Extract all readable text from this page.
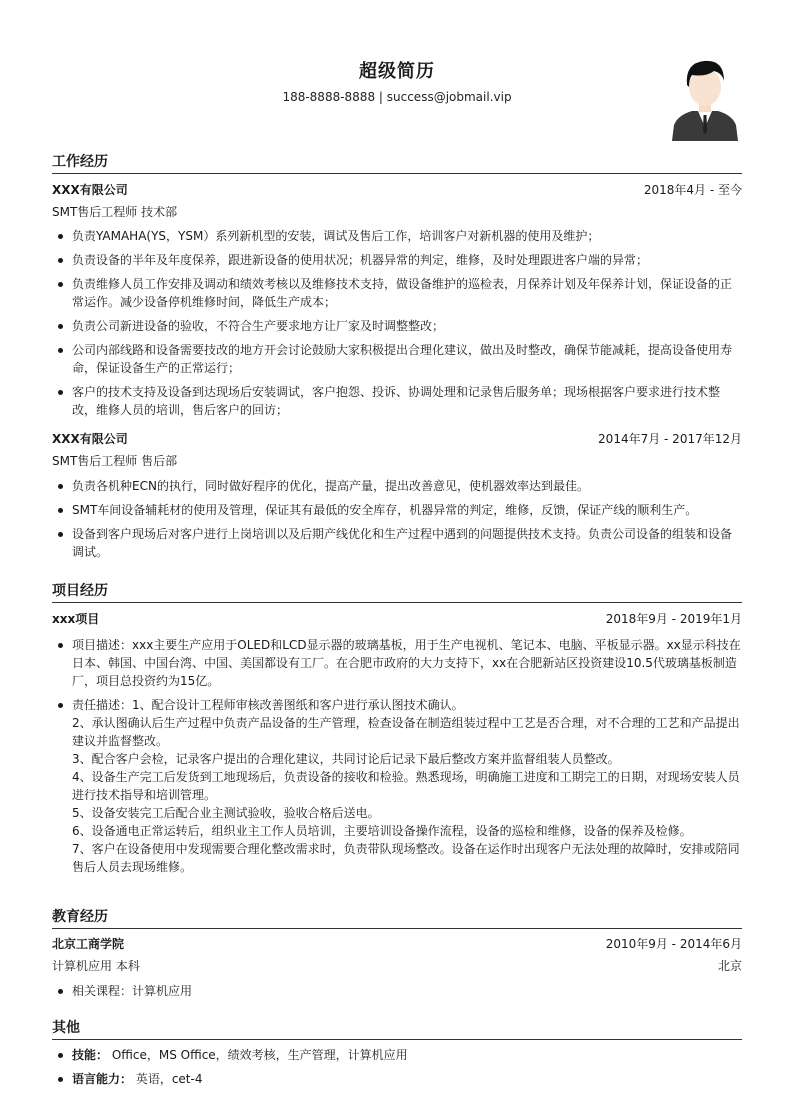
超级简历
188-8888-8888 | success@jobmail.vip
工作经历
XXX有限公司	2018年4月 - 至今
SMT售后工程师 技术部
负责YAMAHA(YS，YSM）系列新机型的安装，调试及售后工作，培训客户对新机器的使用及维护；
负责设备的半年及年度保养，跟进新设备的使用状况；机器异常的判定，维修，及时处理跟进客户端的异常；
负责维修人员工作安排及调动和绩效考核以及维修技术支持，做设备维护的巡检表，月保养计划及年保养计划，保证设备的正常运作。减少设备停机维修时间，降低生产成本；
负责公司新进设备的验收，不符合生产要求地方让厂家及时调整整改；
公司内部线路和设备需要技改的地方开会讨论鼓励大家积极提出合理化建议，做出及时整改，确保节能减耗，提高设备使用寿命，保证设备生产的正常运行；
客户的技术支持及设备到达现场后安装调试，客户抱怨、投诉、协调处理和记录售后服务单；现场根据客户要求进行技术整改，维修人员的培训，售后客户的回访；
XXX有限公司	2014年7月 - 2017年12月
SMT售后工程师 售后部
负责各机种ECN的执行，同时做好程序的优化，提高产量，提出改善意见，使机器效率达到最佳。
SMT车间设备辅耗材的使用及管理，保证其有最低的安全库存，机器异常的判定，维修，反馈，保证产线的顺利生产。
设备到客户现场后对客户进行上岗培训以及后期产线优化和生产过程中遇到的问题提供技术支持。负责公司设备的组装和设备调试。
项目经历
xxx项目	2018年9月 - 2019年1月
项目描述：xxx主要生产应用于OLED和LCD显示器的玻璃基板，用于生产电视机、笔记本、电脑、平板显示器。xx显示科技在日本、韩国、中国台湾、中国、美国都设有工厂。在合肥市政府的大力支持下，xx在合肥新站区投资建设10.5代玻璃基板制造厂，项目总投资约为15亿。
责任描述：1、配合设计工程师审核改善图纸和客户进行承认图技术确认。
2、承认图确认后生产过程中负责产品设备的生产管理，检查设备在制造组装过程中工艺是否合理，对不合理的工艺和产品提出建议并监督整改。
3、配合客户会检，记录客户提出的合理化建议，共同讨论后记录下最后整改方案并监督组装人员整改。
4、设备生产完工后发货到工地现场后，负责设备的接收和检验。熟悉现场，明确施工进度和工期完工的日期，对现场安装人员进行技术指导和培训管理。
5、设备安装完工后配合业主测试验收，验收合格后送电。
6、设备通电正常运转后，组织业主工作人员培训，主要培训设备操作流程，设备的巡检和维修，设备的保养及检修。
7、客户在设备使用中发现需要合理化整改需求时，负责带队现场整改。设备在运作时出现客户无法处理的故障时，安排或陪同售后人员去现场维修。
教育经历
北京工商学院	2010年9月 - 2014年6月
计算机应用 本科	北京
相关课程：计算机应用
其他
技能： Office，MS Office，绩效考核，生产管理，计算机应用
语言能力： 英语，cet-4
